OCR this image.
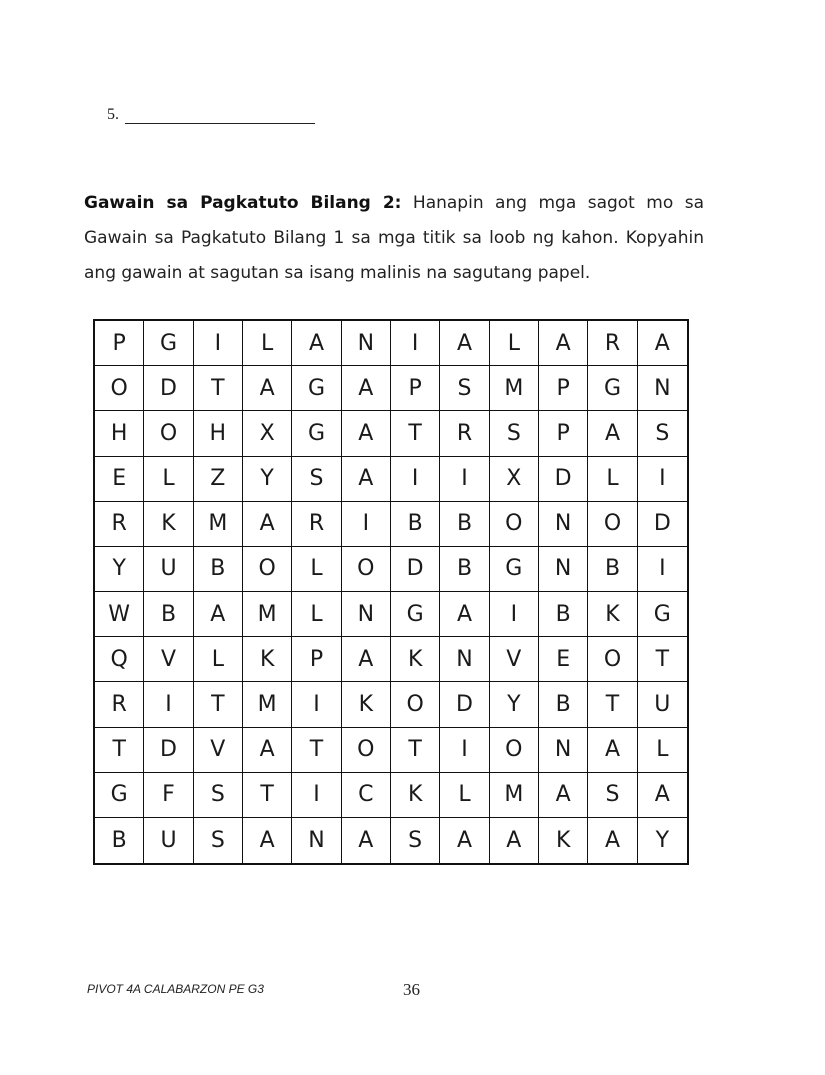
5.
Gawain sa Pagkatuto Bilang 2: Hanapin ang mga sagot mo sa Gawain sa Pagkatuto Bilang 1 sa mga titik sa loob ng kahon. Kopyahin ang gawain at sagutan sa isang malinis na sagutang papel.
P	G	I	L	A	N	I	A	L	A	R	A
O	D	T	A	G	A	P	S	M	P	G	N
H	O	H	X	G	A	T	R	S	P	A	S
E	L	Z	Y	S	A	I	I	X	D	L	I
R	K	M	A	R	I	B	B	O	N	O	D
Y	U	B	O	L	O	D	B	G	N	B	I
W	B	A	M	L	N	G	A	I	B	K	G
Q	V	L	K	P	A	K	N	V	E	O	T
R	I	T	M	I	K	O	D	Y	B	T	U
T	D	V	A	T	O	T	I	O	N	A	L
G	F	S	T	I	C	K	L	M	A	S	A
B	U	S	A	N	A	S	A	A	K	A	Y
PIVOT 4A CALABARZON PE G3	36
